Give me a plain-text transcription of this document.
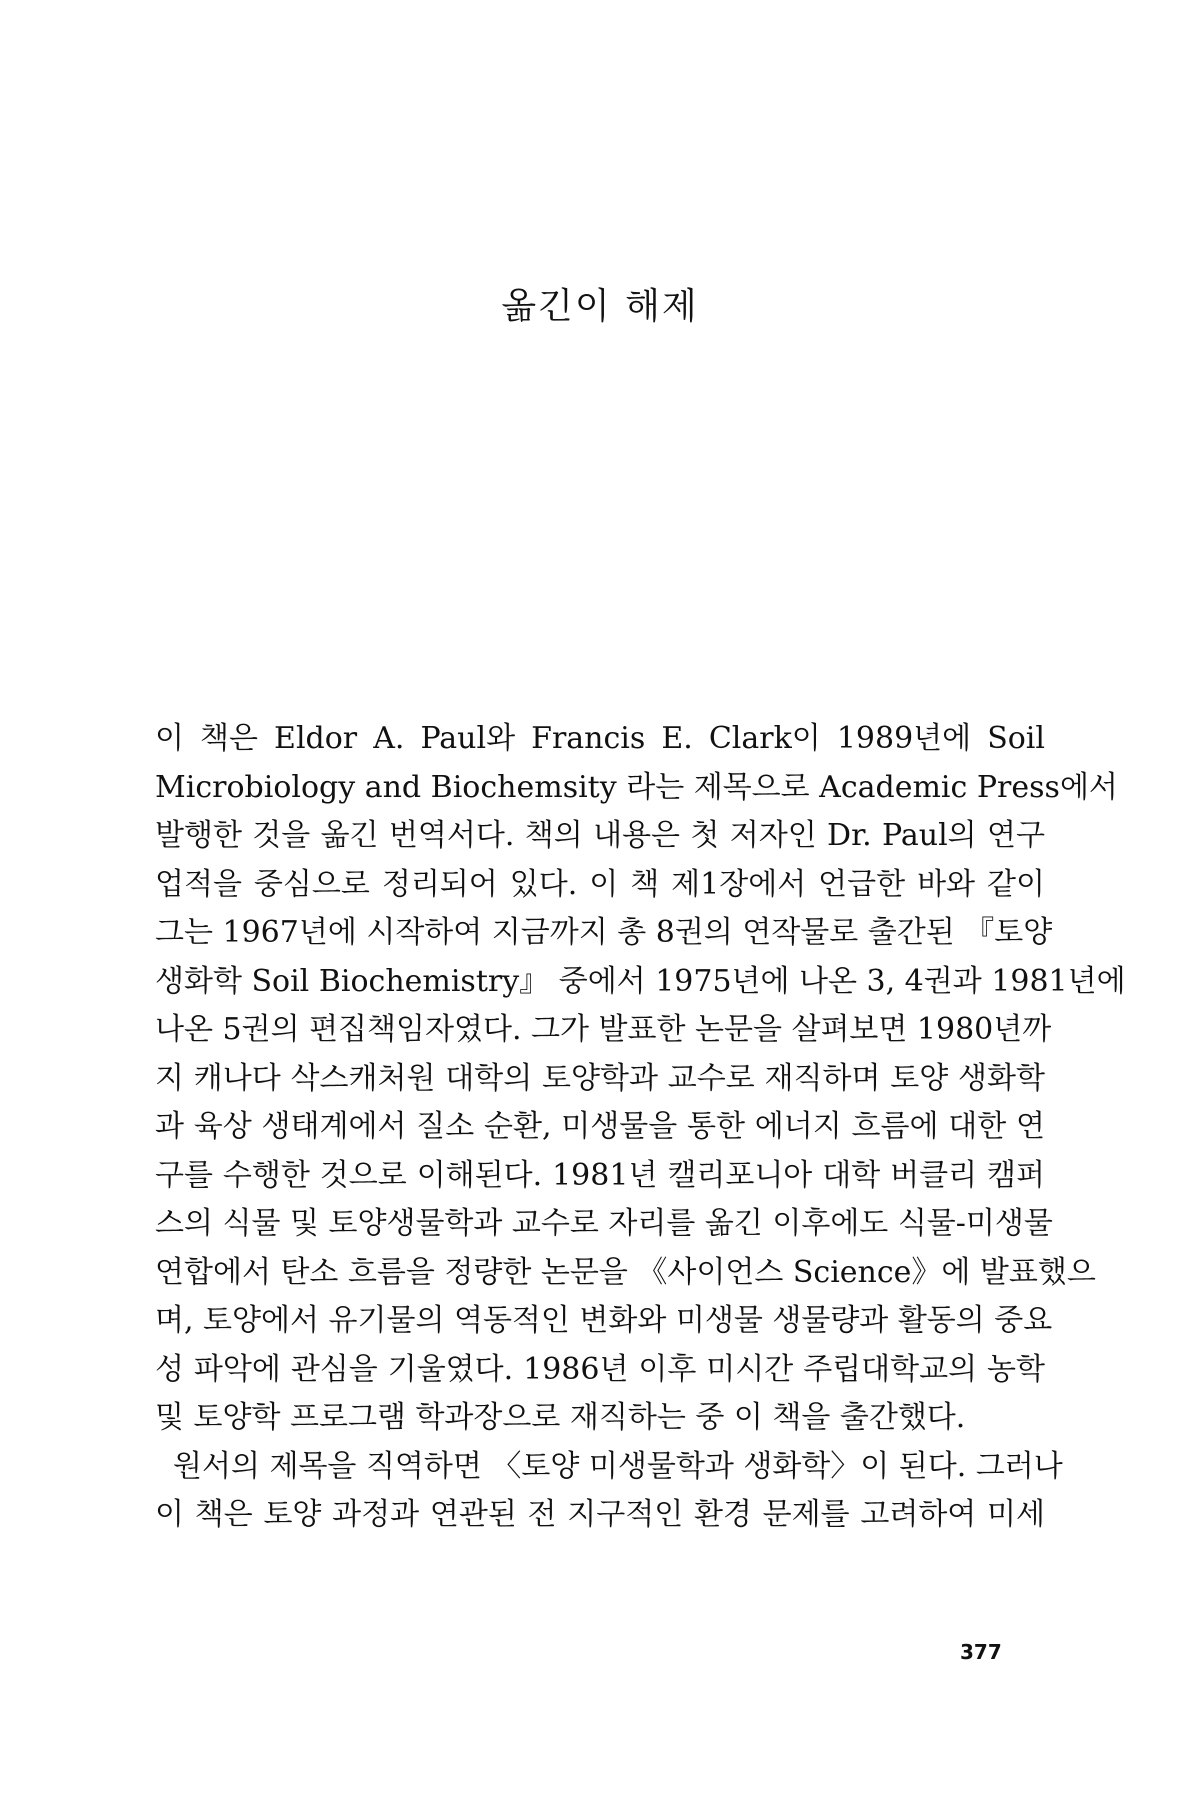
옮긴이 해제
이 책은 Eldor A. Paul와 Francis E. Clark이 1989년에 Soil
Microbiology and Biochemsity 라는 제목으로 Academic Press에서
발행한 것을 옮긴 번역서다. 책의 내용은 첫 저자인 Dr. Paul의 연구
업적을 중심으로 정리되어 있다. 이 책 제1장에서 언급한 바와 같이
그는 1967년에 시작하여 지금까지 총 8권의 연작물로 출간된 『토양
생화학 Soil Biochemistry』 중에서 1975년에 나온 3, 4권과 1981년에
나온 5권의 편집책임자였다. 그가 발표한 논문을 살펴보면 1980년까
지 캐나다 삭스캐처원 대학의 토양학과 교수로 재직하며 토양 생화학
과 육상 생태계에서 질소 순환, 미생물을 통한 에너지 흐름에 대한 연
구를 수행한 것으로 이해된다. 1981년 캘리포니아 대학 버클리 캠퍼
스의 식물 및 토양생물학과 교수로 자리를 옮긴 이후에도 식물-미생물
연합에서 탄소 흐름을 정량한 논문을 《사이언스 Science》에 발표했으
며, 토양에서 유기물의 역동적인 변화와 미생물 생물량과 활동의 중요
성 파악에 관심을 기울였다. 1986년 이후 미시간 주립대학교의 농학
및 토양학 프로그램 학과장으로 재직하는 중 이 책을 출간했다.
원서의 제목을 직역하면 〈토양 미생물학과 생화학〉이 된다. 그러나
이 책은 토양 과정과 연관된 전 지구적인 환경 문제를 고려하여 미세
377
